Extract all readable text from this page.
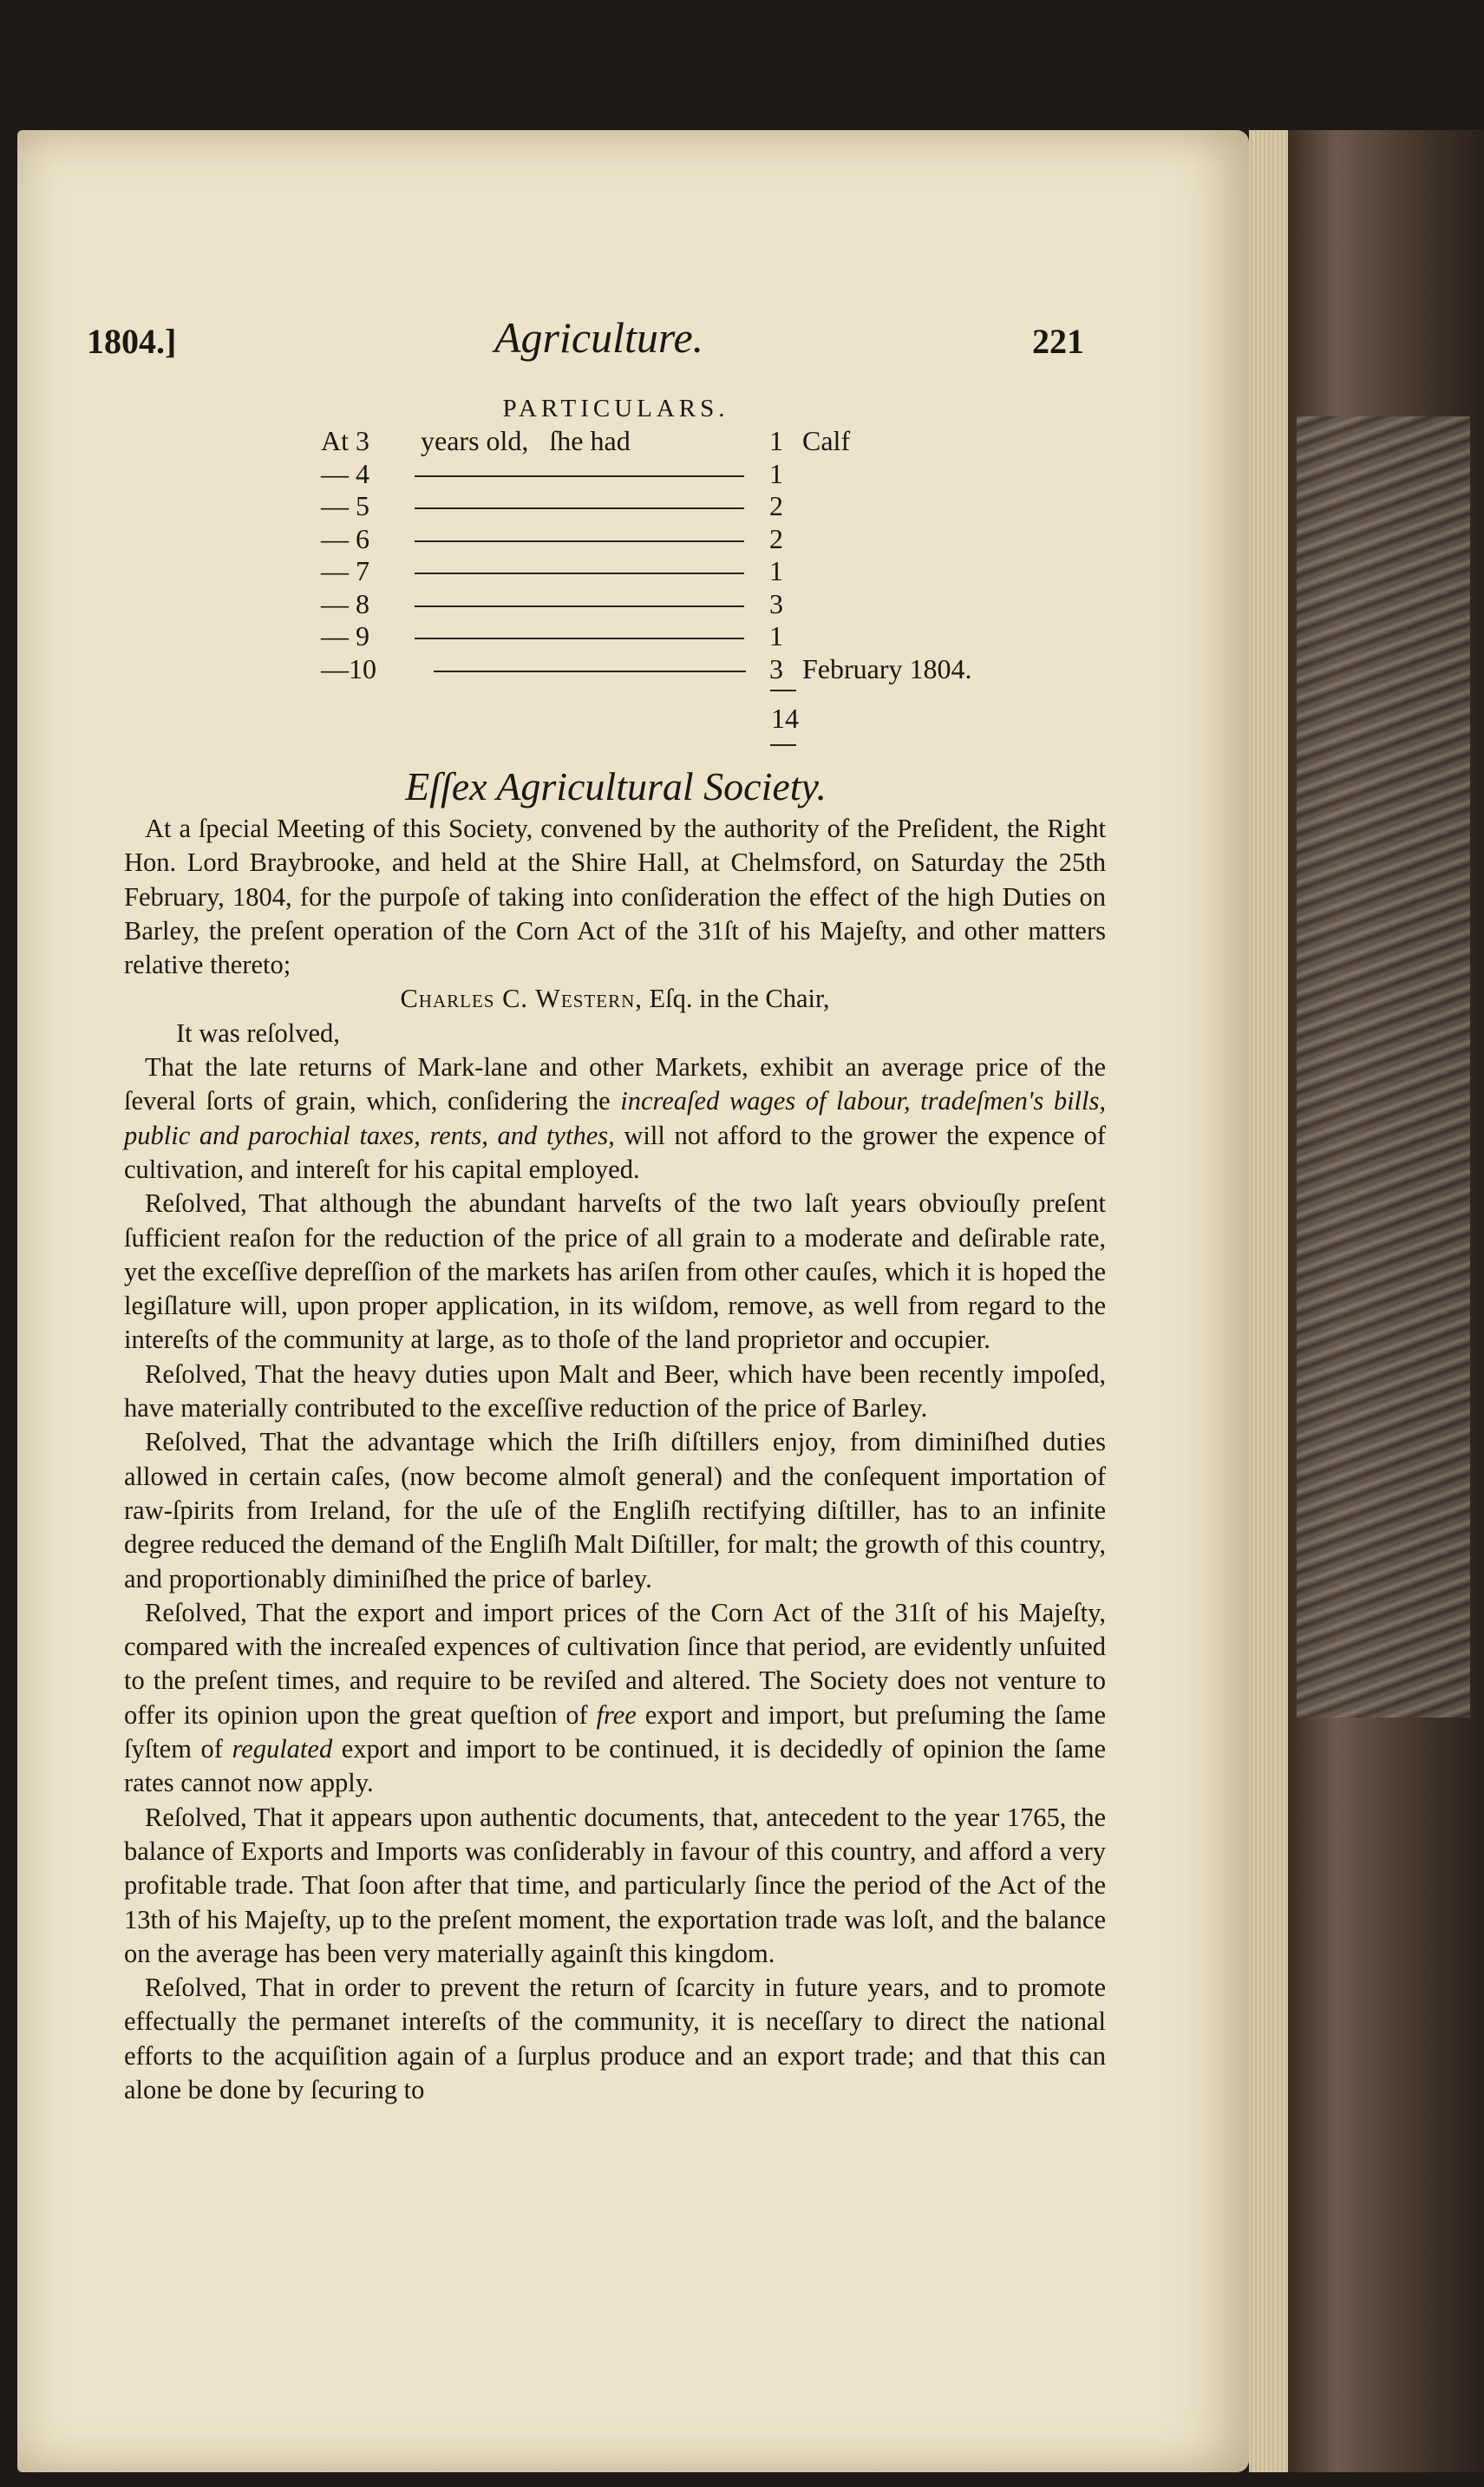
1804.]	Agriculture.	221
PARTICULARS.
At 3	years old,   ſhe had	1 Calf
— 4	1
— 5	2
— 6	2
— 7	1
— 8	3
— 9	1
—10	3 February 1804.
14
Eſſex Agricultural Society.

At a ſpecial Meeting of this Society, convened by the authority of the Preſident, the Right Hon. Lord Braybrooke, and held at the Shire Hall, at Chelmsford, on Saturday the 25th February, 1804, for the purpoſe of taking into conſideration the effect of the high Duties on Barley, the preſent operation of the Corn Act of the 31ſt of his Majeſty, and other matters relative thereto;

Charles C. Western, Eſq. in the Chair,

It was reſolved,

That the late returns of Mark-lane and other Markets, exhibit an average price of the ſeveral ſorts of grain, which, conſidering the increaſed wages of labour, tradeſmen's bills, public and parochial taxes, rents, and tythes, will not afford to the grower the expence of cultivation, and intereſt for his capital employed.

Reſolved, That although the abundant harveſts of the two laſt years obviouſly preſent ſufficient reaſon for the reduction of the price of all grain to a moderate and deſirable rate, yet the exceſſive depreſſion of the markets has ariſen from other cauſes, which it is hoped the legiſlature will, upon proper application, in its wiſdom, remove, as well from regard to the intereſts of the community at large, as to thoſe of the land proprietor and occupier.

Reſolved, That the heavy duties upon Malt and Beer, which have been recently impoſed, have materially contributed to the exceſſive reduction of the price of Barley.

Reſolved, That the advantage which the Iriſh diſtillers enjoy, from diminiſhed duties allowed in certain caſes, (now become almoſt general) and the conſequent importation of raw-ſpirits from Ireland, for the uſe of the Engliſh rectifying diſtiller, has to an infinite degree reduced the demand of the Engliſh Malt Diſtiller, for malt; the growth of this country, and proportionably diminiſhed the price of barley.

Reſolved, That the export and import prices of the Corn Act of the 31ſt of his Majeſty, compared with the increaſed expences of cultivation ſince that period, are evidently unſuited to the preſent times, and require to be reviſed and altered. The Society does not venture to offer its opinion upon the great queſtion of free export and import, but preſuming the ſame ſyſtem of regulated export and import to be continued, it is decidedly of opinion the ſame rates cannot now apply.

Reſolved, That it appears upon authentic documents, that, antecedent to the year 1765, the balance of Exports and Imports was conſiderably in favour of this country, and afford a very profitable trade. That ſoon after that time, and particularly ſince the period of the Act of the 13th of his Majeſty, up to the preſent moment, the exportation trade was loſt, and the balance on the average has been very materially againſt this kingdom.

Reſolved, That in order to prevent the return of ſcarcity in future years, and to promote effectually the permanet intereſts of the community, it is neceſſary to direct the national efforts to the acquiſition again of a ſurplus produce and an export trade; and that this can alone be done by ſecuring to
